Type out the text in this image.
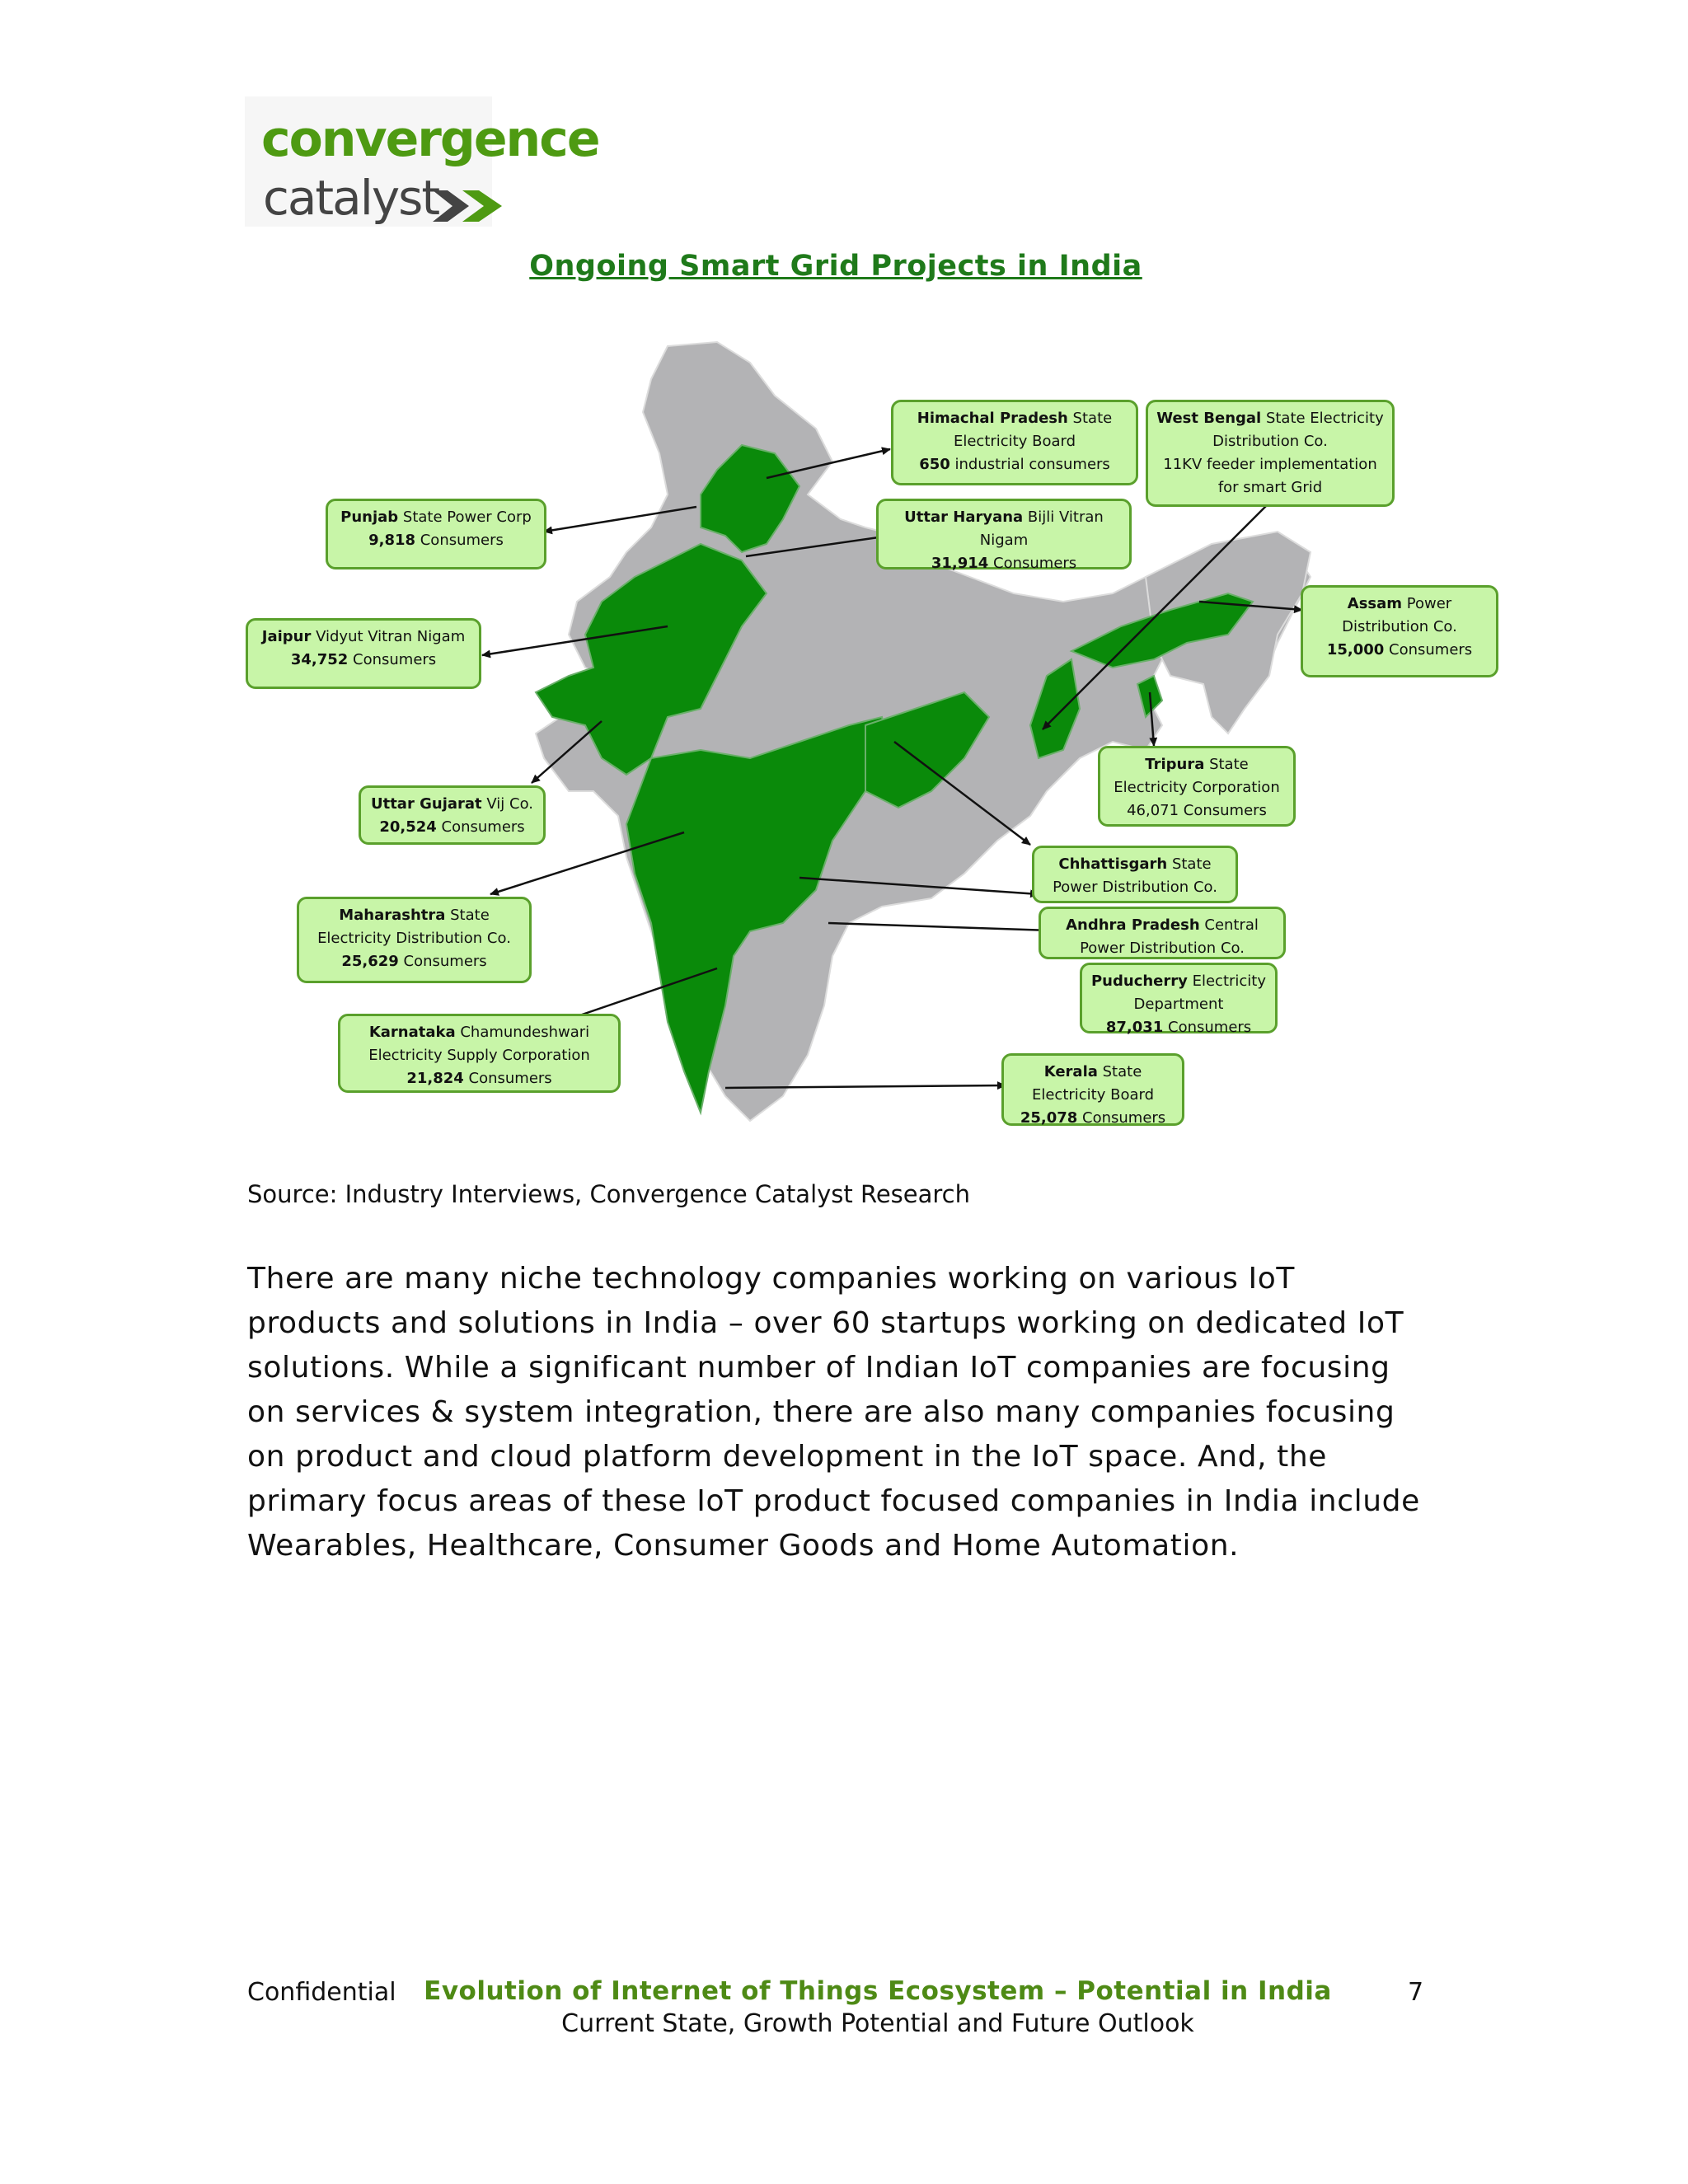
convergence
catalyst
Ongoing Smart Grid Projects in India
Himachal Pradesh State
Electricity Board
650 industrial consumers
West Bengal State Electricity
Distribution Co.
11KV feeder implementation
for smart Grid
Punjab State Power Corp
9,818 Consumers
Uttar Haryana Bijli Vitran Nigam
31,914 Consumers
Assam Power
Distribution Co.
15,000 Consumers
Jaipur Vidyut Vitran Nigam
34,752 Consumers
Tripura State
Electricity Corporation
46,071 Consumers
Uttar Gujarat Vij Co.
20,524 Consumers
Chhattisgarh State
Power Distribution Co.
Maharashtra State
Electricity Distribution Co.
25,629 Consumers
Andhra Pradesh Central
Power Distribution Co.
Puducherry Electricity
Department
87,031 Consumers
Karnataka Chamundeshwari
Electricity Supply Corporation
21,824 Consumers	Kerala State
Electricity Board
25,078 Consumers
Source: Industry Interviews, Convergence Catalyst Research
There are many niche technology companies working on various IoT products and solutions in India – over 60 startups working on dedicated IoT solutions. While a significant number of Indian IoT companies are focusing on services & system integration, there are also many companies focusing on product and cloud platform development in the IoT space. And, the primary focus areas of these IoT product focused companies in India include Wearables, Healthcare, Consumer Goods and Home Automation.
Confidential	Evolution of Internet of Things Ecosystem – Potential in India
Current State, Growth Potential and Future Outlook
7
